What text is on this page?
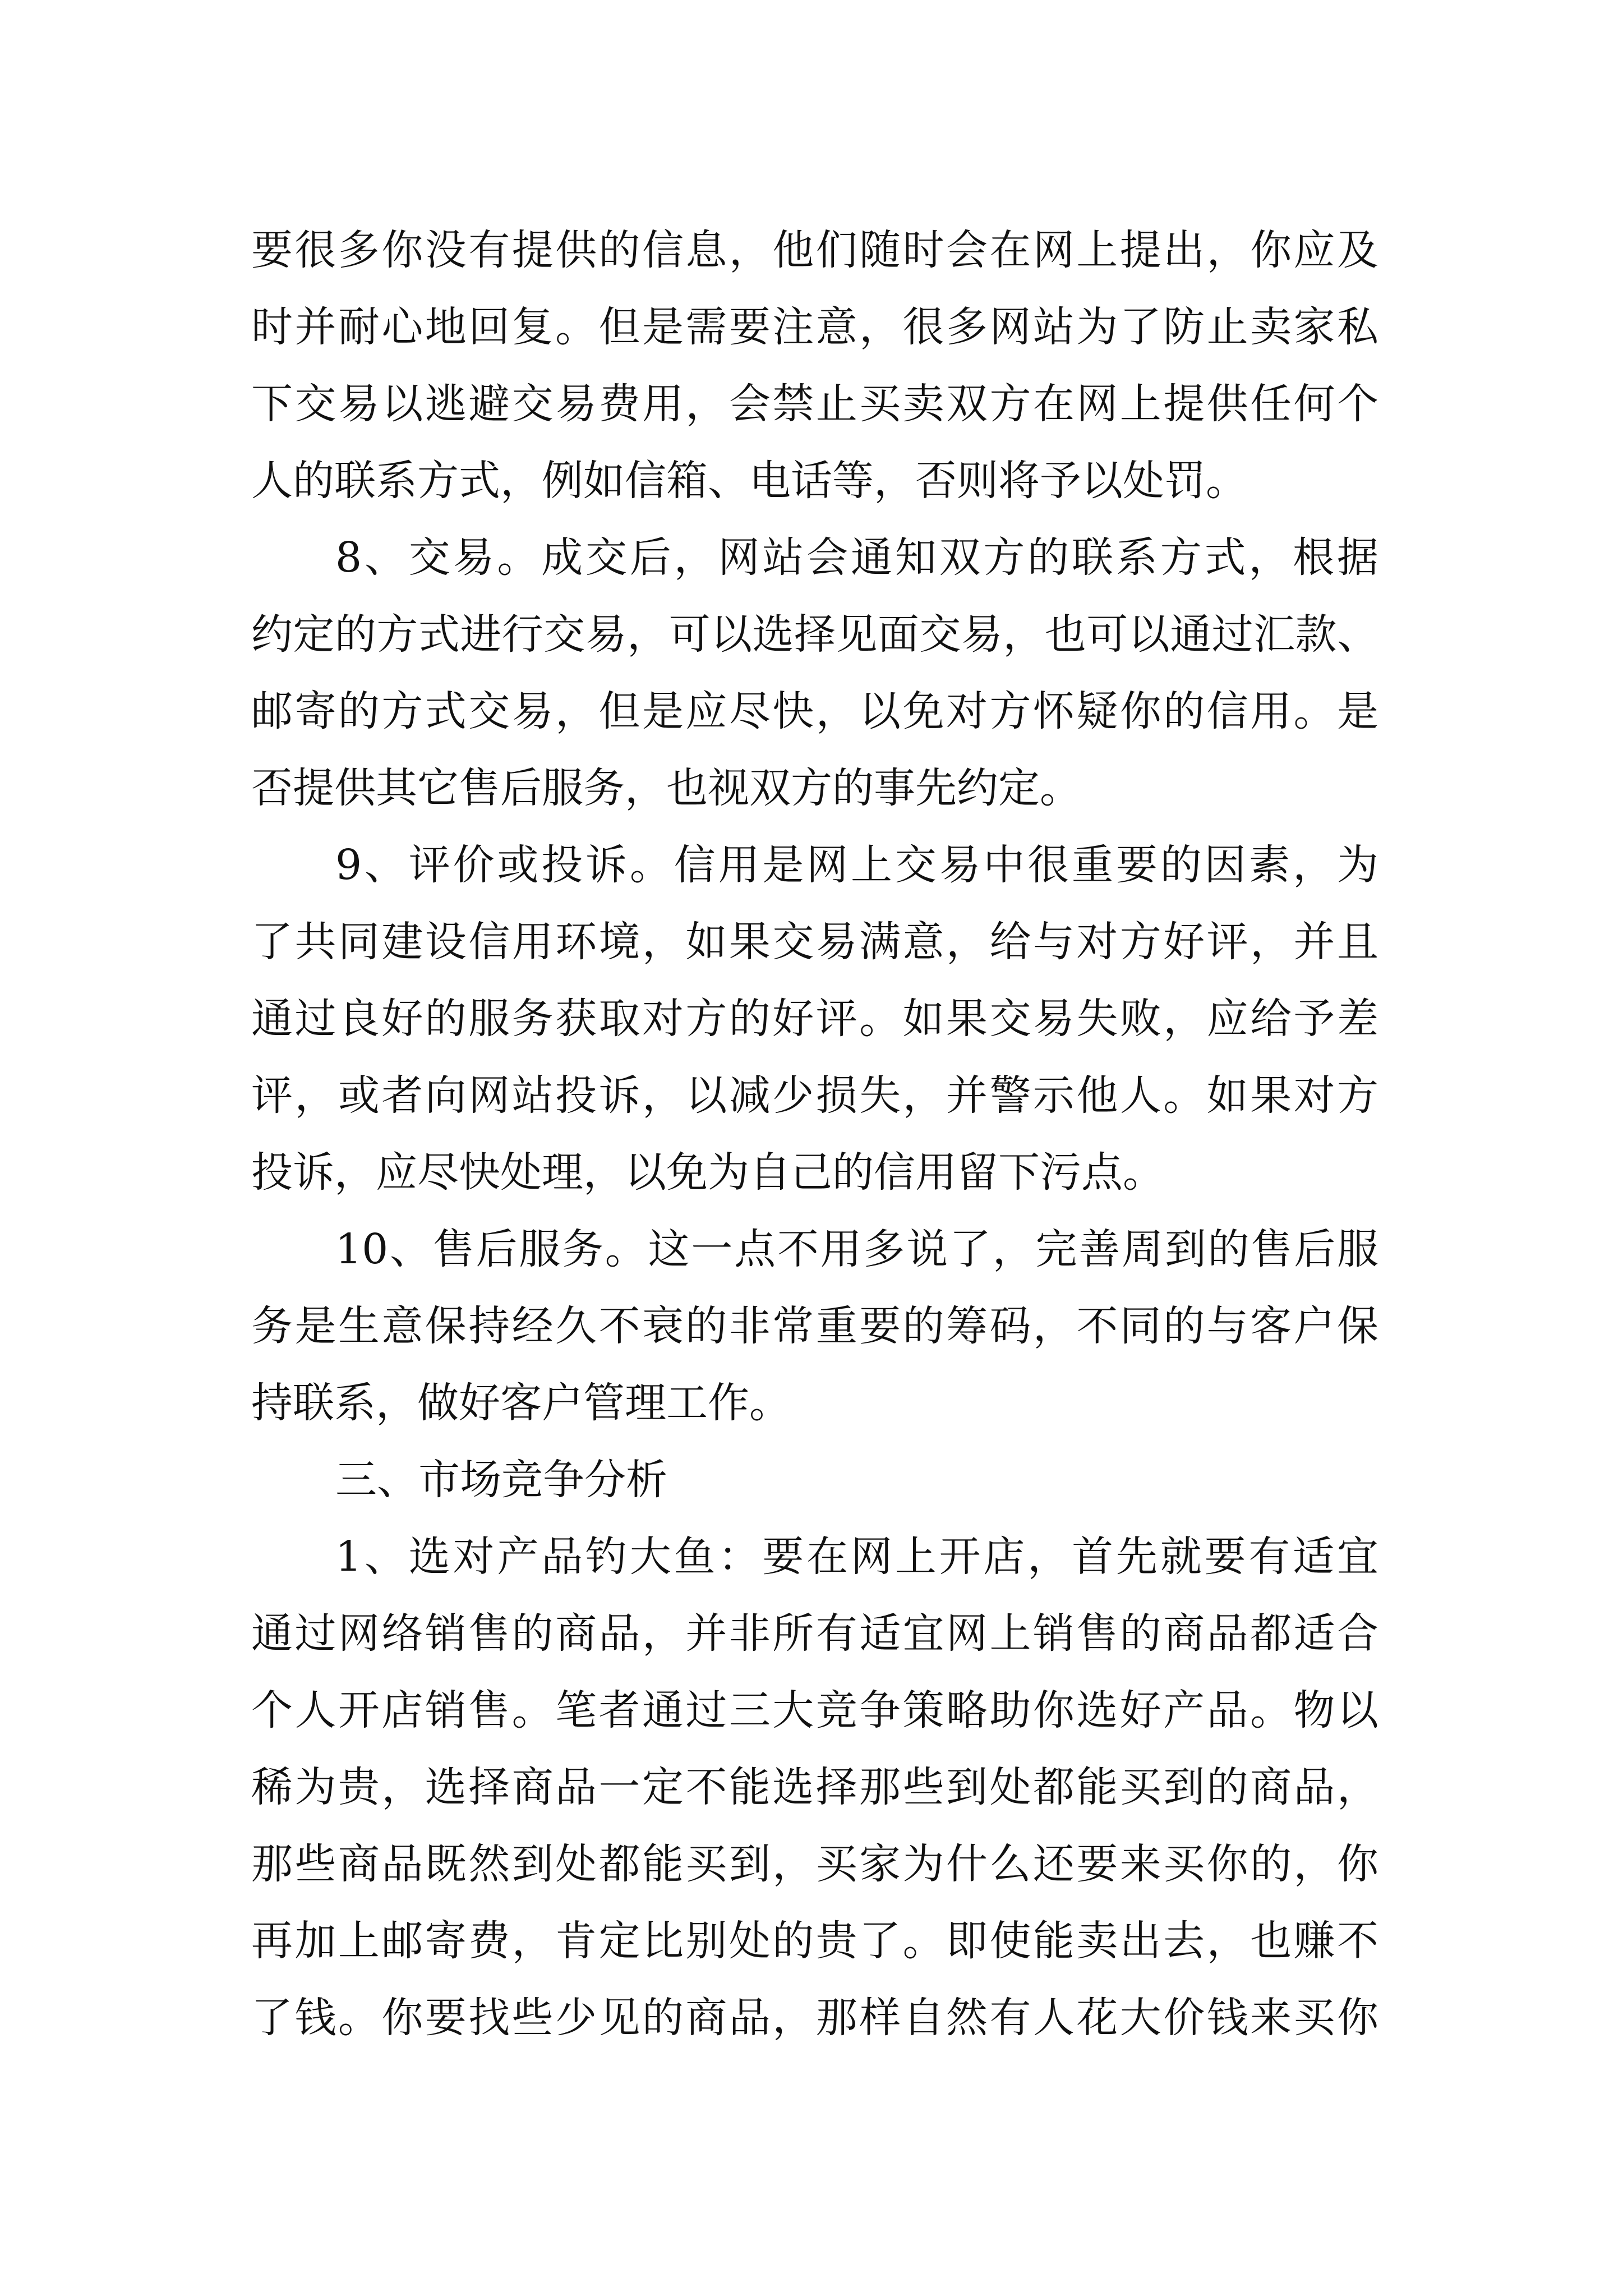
要很多你没有提供的信息，他们随时会在网上提出，你应及
时并耐心地回复。但是需要注意，很多网站为了防止卖家私
下交易以逃避交易费用，会禁止买卖双方在网上提供任何个
人的联系方式，例如信箱、电话等，否则将予以处罚。
8、交易。成交后，网站会通知双方的联系方式，根据
约定的方式进行交易，可以选择见面交易，也可以通过汇款、
邮寄的方式交易，但是应尽快，以免对方怀疑你的信用。是
否提供其它售后服务，也视双方的事先约定。
9、评价或投诉。信用是网上交易中很重要的因素，为
了共同建设信用环境，如果交易满意，给与对方好评，并且
通过良好的服务获取对方的好评。如果交易失败，应给予差
评，或者向网站投诉，以减少损失，并警示他人。如果对方
投诉，应尽快处理，以免为自己的信用留下污点。
10、售后服务。这一点不用多说了，完善周到的售后服
务是生意保持经久不衰的非常重要的筹码，不同的与客户保
持联系，做好客户管理工作。
三、市场竞争分析
1、选对产品钓大鱼：要在网上开店，首先就要有适宜
通过网络销售的商品，并非所有适宜网上销售的商品都适合
个人开店销售。笔者通过三大竞争策略助你选好产品。物以
稀为贵，选择商品一定不能选择那些到处都能买到的商品，
那些商品既然到处都能买到，买家为什么还要来买你的，你
再加上邮寄费，肯定比别处的贵了。即使能卖出去，也赚不
了钱。你要找些少见的商品，那样自然有人花大价钱来买你
